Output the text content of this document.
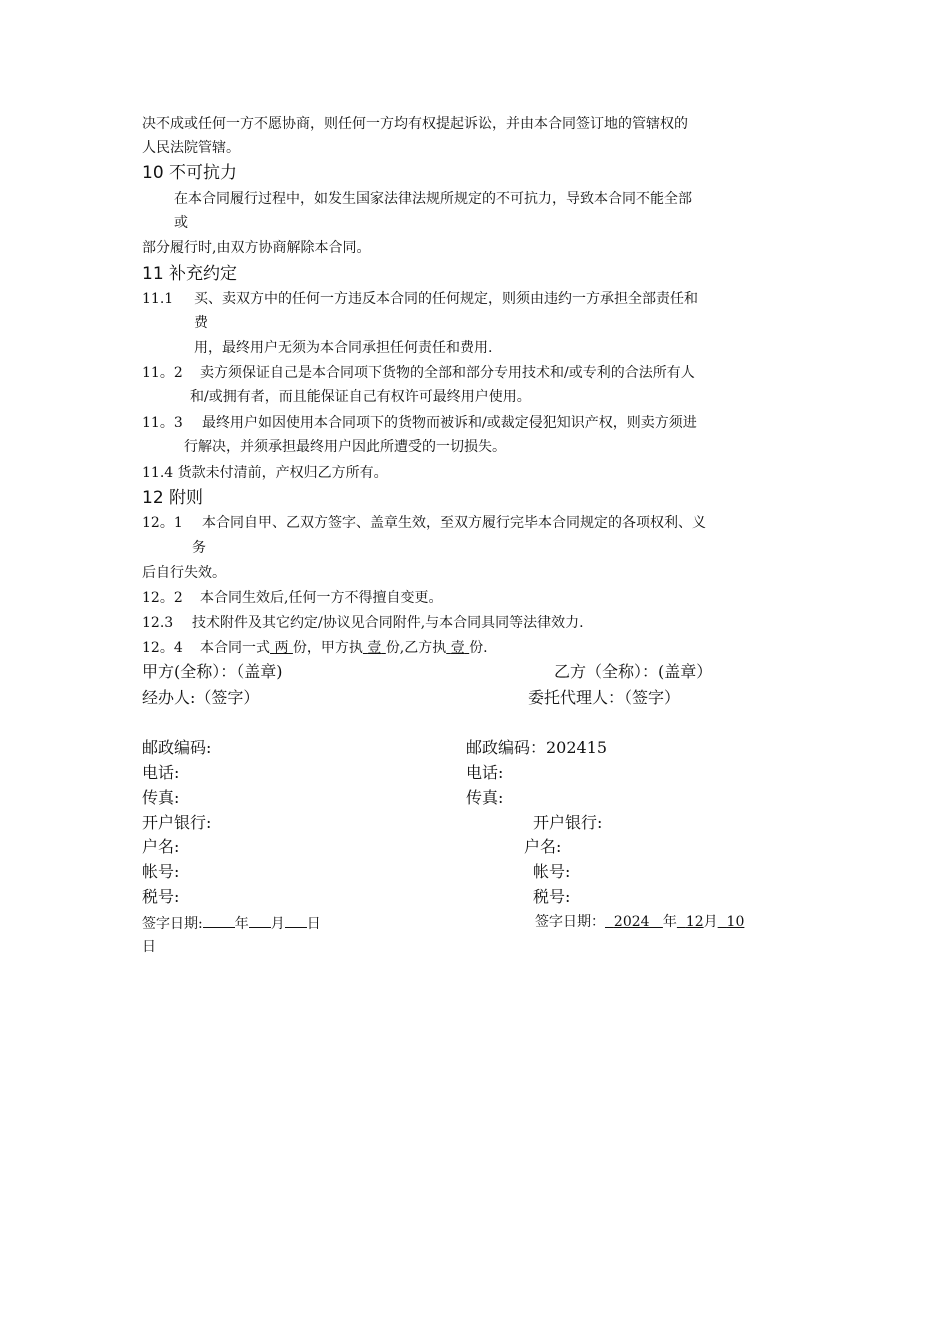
决不成或任何一方不愿协商，则任何一方均有权提起诉讼，并由本合同签订地的管辖权的
人民法院管辖。
10 不可抗力
在本合同履行过程中，如发生国家法律法规所规定的不可抗力，导致本合同不能全部
或
部分履行时,由双方协商解除本合同。
11 补充约定
11.1 买、卖双方中的任何一方违反本合同的任何规定，则须由违约一方承担全部责任和
费
用，最终用户无须为本合同承担任何责任和费用.
11。2 卖方须保证自己是本合同项下货物的全部和部分专用技术和/或专利的合法所有人
和/或拥有者，而且能保证自己有权许可最终用户使用。
11。3 最终用户如因使用本合同项下的货物而被诉和/或裁定侵犯知识产权，则卖方须进
行解决，并须承担最终用户因此所遭受的一切损失。
11.4 货款未付清前，产权归乙方所有。
12 附则
12。1 本合同自甲、乙双方签字、盖章生效，至双方履行完毕本合同规定的各项权利、义
务
后自行失效。
12。2 本合同生效后,任何一方不得擅自变更。
12.3 技术附件及其它约定/协议见合同附件,与本合同具同等法律效力.
12。4 本合同一式 两 份，甲方执 壹 份,乙方执 壹 份.
甲方(全称）：（盖章)	乙方（全称）：(盖章）
经办人:（签字）	委托代理人：（签字）
邮政编码:
电话:
传真:
开户银行:
户名:
帐号:
税号:
签字日期: 年 月 日
邮政编码：202415
电话:
传真:
开户银行:
户名:
帐号:
税号:
签字日期： 2024 年 12月 10
日
